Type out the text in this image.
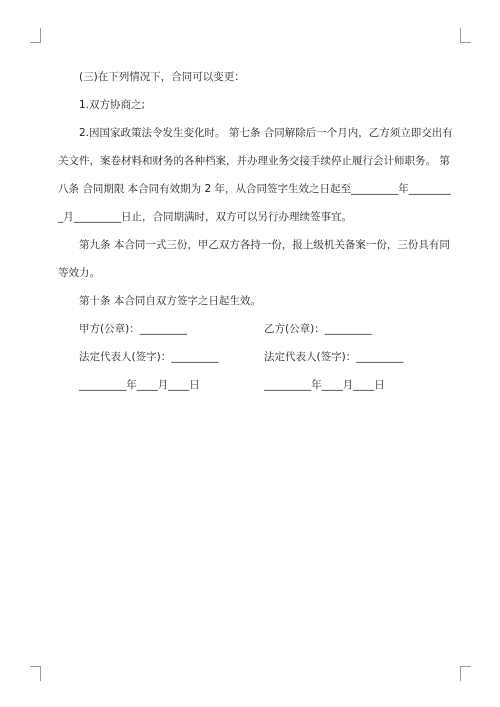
(三)在下列情况下，合同可以变更：
1.双方协商之;
2.因国家政策法令发生变化时。 第七条 合同解除后一个月内，乙方须立即交出有
关文件，案卷材料和财务的各种档案，并办理业务交接手续停止履行会计师职务。 第
八条 合同期限 本合同有效期为 2 年，从合同签字生效之日起至_________年________
_月_________日止，合同期满时，双方可以另行办理续签事宜。
第九条 本合同一式三份，甲乙双方各持一份，报上级机关备案一份，三份具有同
等效力。
第十条 本合同自双方签字之日起生效。
甲方(公章)：_________	乙方(公章)：_________
法定代表人(签字)：_________	法定代表人(签字)：_________
_________年____月____日	_________年____月____日
